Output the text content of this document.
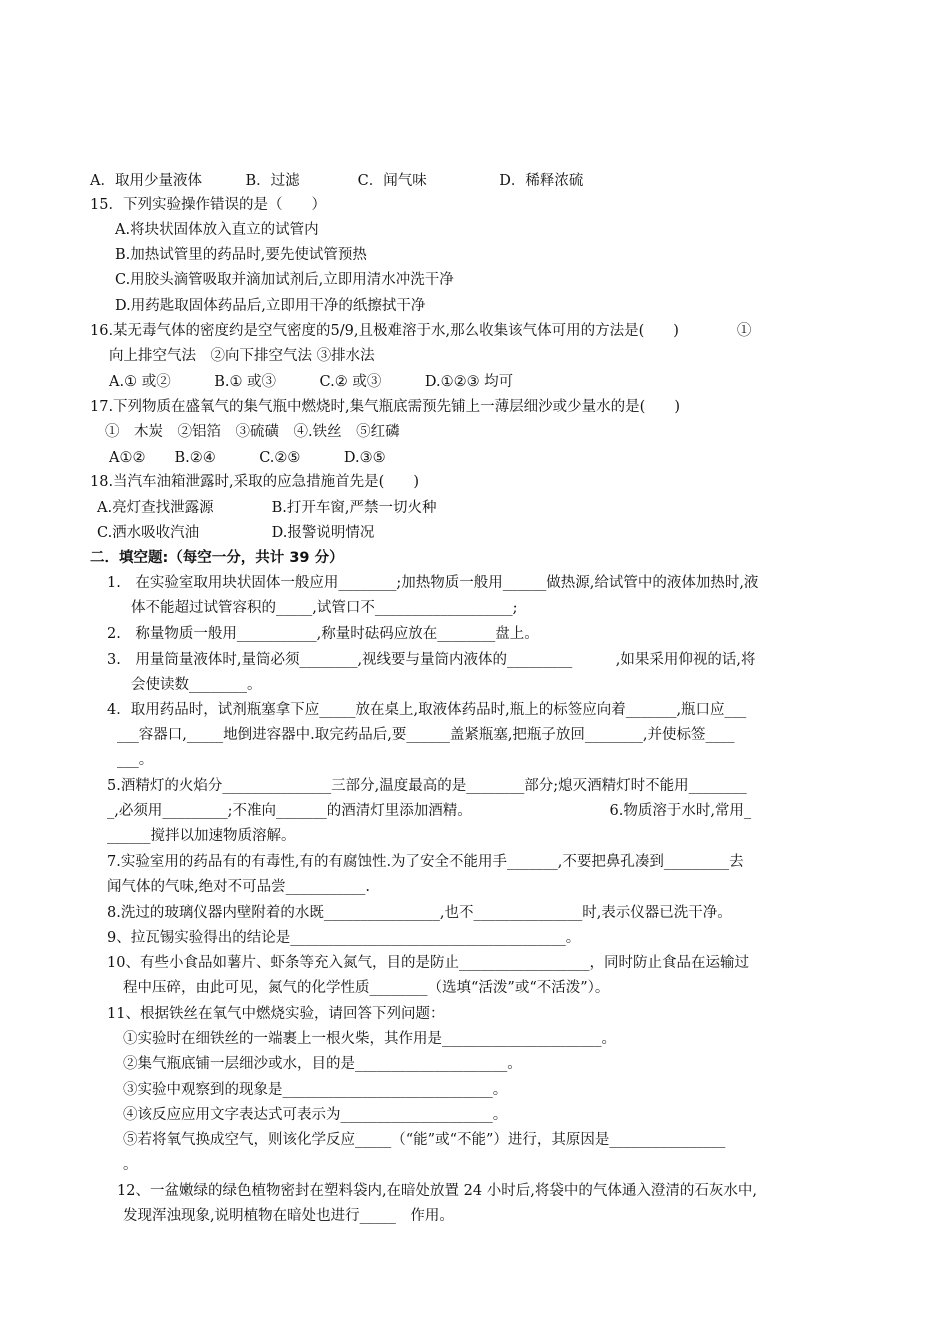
A．取用少量液体　　　B．过滤　　　　C．闻气味　　　　　D．稀释浓硫
15．下列实验操作错误的是（　　）
A.将块状固体放入直立的试管内
B.加热试管里的药品时,要先使试管预热
C.用胶头滴管吸取并滴加试剂后,立即用清水冲洗干净
D.用药匙取固体药品后,立即用干净的纸擦拭干净
16.某无毒气体的密度约是空气密度的5/9,且极难溶于水,那么收集该气体可用的方法是(　　)　　　　①
向上排空气法　②向下排空气法 ③排水法
A.① 或②　　　B.① 或③　　　C.② 或③　　　D.①②③ 均可
17.下列物质在盛氧气的集气瓶中燃烧时,集气瓶底需预先铺上一薄层细沙或少量水的是(　　)
①　木炭　②铝箔　③硫磺　④.铁丝　⑤红磷
A①②　　B.②④　　　C.②⑤　　　D.③⑤
18.当汽车油箱泄露时,采取的应急措施首先是(　　)
A.亮灯查找泄露源　　　　B.打开车窗,严禁一切火种
C.洒水吸收汽油　　　　　D.报警说明情况
二．填空题:（每空一分，共计 39 分）
1.　在实验室取用块状固体一般应用________;加热物质一般用______做热源,给试管中的液体加热时,液
体不能超过试管容积的_____,试管口不___________________;
2.　称量物质一般用___________,称量时砝码应放在________盘上。
3.　用量筒量液体时,量筒必须________,视线要与量筒内液体的_________　　　,如果采用仰视的话,将
会使读数________。
4．取用药品时，试剂瓶塞拿下应_____放在桌上,取液体药品时,瓶上的标签应向着_______,瓶口应___
___容器口,_____地倒进容器中.取完药品后,要______盖紧瓶塞,把瓶子放回________,并使标签____
___。
5.酒精灯的火焰分_______________三部分,温度最高的是________部分;熄灭酒精灯时不能用________
_,必须用_________;不准向_______的酒清灯里添加酒精。　　　　　　　　　　6.物质溶于水时,常用_
______搅拌以加速物质溶解。
7.实验室用的药品有的有毒性,有的有腐蚀性.为了安全不能用手_______,不要把鼻孔凑到_________去
闻气体的气味,绝对不可品尝___________.
8.洗过的玻璃仪器内壁附着的水既________________,也不_______________时,表示仪器已洗干净。
9、拉瓦锡实验得出的结论是______________________________________。
10、有些小食品如薯片、虾条等充入氮气，目的是防止__________________，同时防止食品在运输过
程中压碎，由此可见，氮气的化学性质________（选填“活泼”或“不活泼”）。
11、根据铁丝在氧气中燃烧实验，请回答下列问题：
①实验时在细铁丝的一端裹上一根火柴，其作用是______________________。
②集气瓶底铺一层细沙或水，目的是_____________________。
③实验中观察到的现象是_____________________________。
④该反应应用文字表达式可表示为_____________________。
⑤若将氧气换成空气，则该化学反应_____（“能”或“不能”）进行，其原因是________________
。
12、一盆嫩绿的绿色植物密封在塑料袋内,在暗处放置 24 小时后,将袋中的气体通入澄清的石灰水中,
发现浑浊现象,说明植物在暗处也进行_____　作用。
